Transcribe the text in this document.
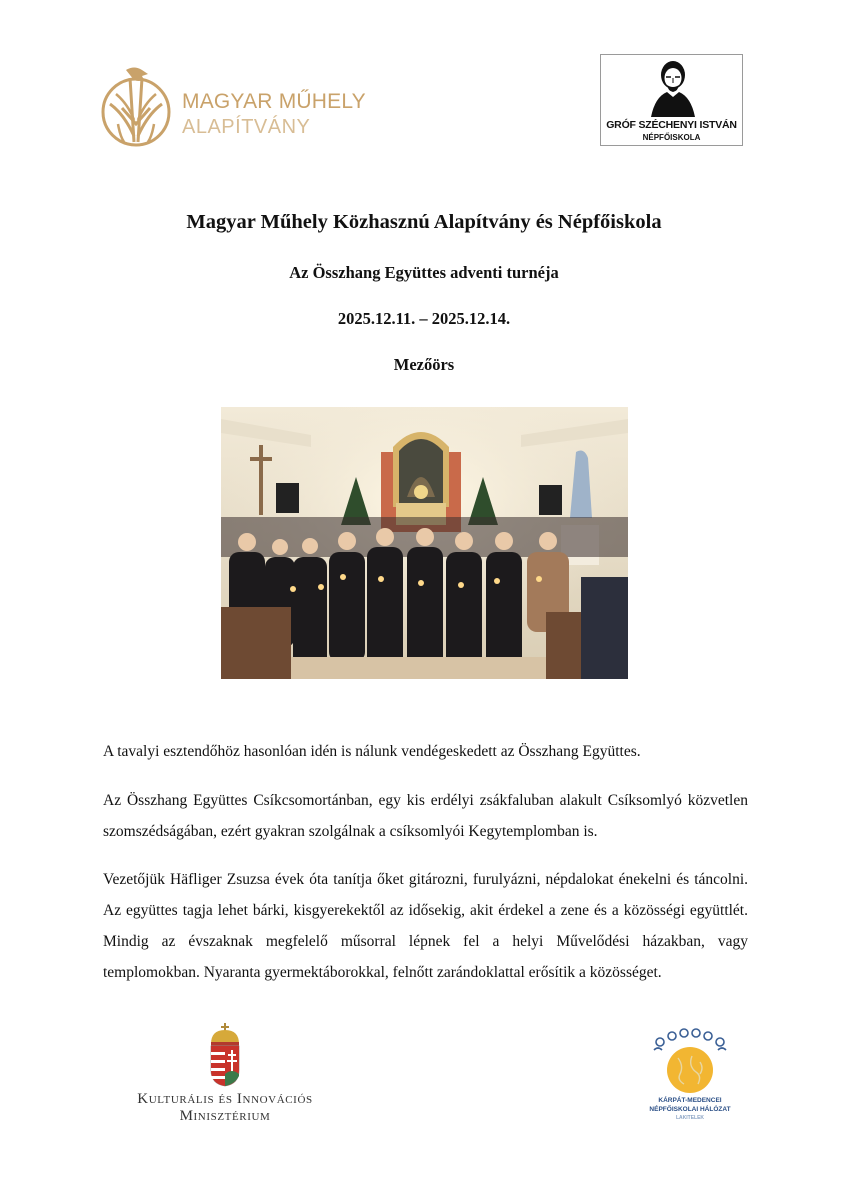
MAGYAR MŰHELY
ALAPÍTVÁNY	GRÓF SZÉCHENYI ISTVÁN
NÉPFŐISKOLA
Magyar Műhely Közhasznú Alapítvány és Népfőiskola
Az Összhang Együttes adventi turnéja
2025.12.11. – 2025.12.14.
Mezőörs

A tavalyi esztendőhöz hasonlóan idén is nálunk vendégeskedett az Összhang Együttes.

Az Összhang Együttes Csíkcsomortánban, egy kis erdélyi zsákfaluban alakult Csíksomlyó közvetlen szomszédságában, ezért gyakran szolgálnak a csíksomlyói Kegytemplomban is.

Vezetőjük Häfliger Zsuzsa évek óta tanítja őket gitározni, furulyázni, népdalokat énekelni és táncolni. Az együttes tagja lehet bárki, kisgyerekektől az idősekig, akit érdekel a zene és a közösségi együttlét. Mindig az évszaknak megfelelő műsorral lépnek fel a helyi Művelődési házakban, vagy templomokban. Nyaranta gyermektáborokkal, felnőtt zarándoklattal erősítik a közösséget.

Kulturális és Innovációs
Minisztérium
KÁRPÁT-MEDENCEI
NÉPFŐISKOLAI HÁLÓZAT
LAKITELEK
